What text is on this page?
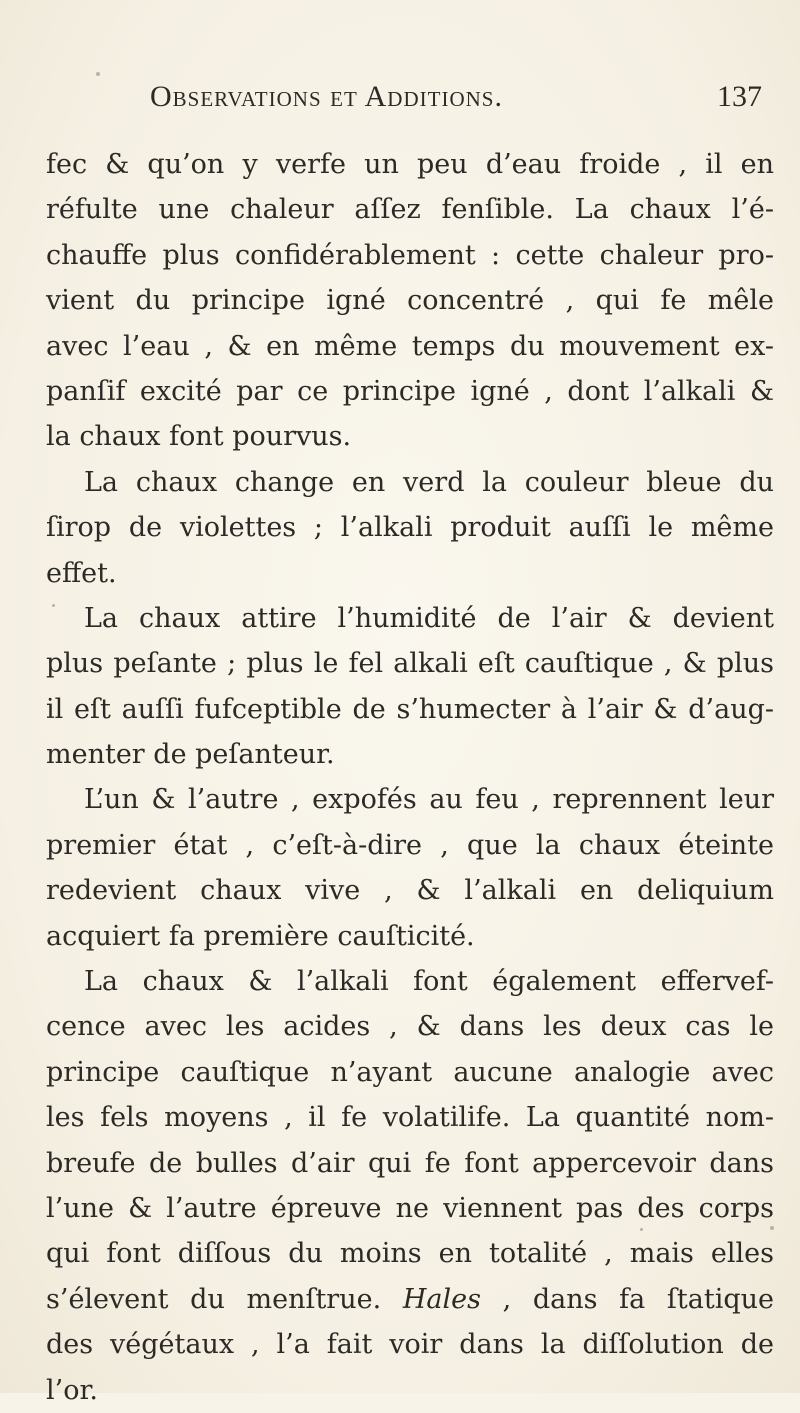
Observations et Additions.	137
fec & qu’on y verfe un peu d’eau froide , il en
réfulte une chaleur aſſez fenſible. La chaux l’é-
chauffe plus confidérablement : cette chaleur pro-
vient du principe igné concentré , qui fe mêle
avec l’eau , & en même temps du mouvement ex-
panſif excité par ce principe igné , dont l’alkali &
la chaux font pourvus.
La chaux change en verd la couleur bleue du
ſirop de violettes ; l’alkali produit auſſi le même
effet.
La chaux attire l’humidité de l’air & devient
plus peſante ; plus le fel alkali eſt cauſtique , & plus
il eſt auſſi fufceptible de s’humecter à l’air & d’aug-
menter de peſanteur.
L’un & l’autre , expofés au feu , reprennent leur
premier état , c’eſt-à-dire , que la chaux éteinte
redevient chaux vive , & l’alkali en deliquium
acquiert fa première cauſticité.
La chaux & l’alkali font également effervef-
cence avec les acides , & dans les deux cas le
principe cauſtique n’ayant aucune analogie avec
les fels moyens , il fe volatilife. La quantité nom-
breufe de bulles d’air qui fe font appercevoir dans
l’une & l’autre épreuve ne viennent pas des corps
qui font diſſous du moins en totalité , mais elles
s’élevent du menſtrue. Hales , dans fa ſtatique
des végétaux , l’a fait voir dans la diſſolution de
l’or.
